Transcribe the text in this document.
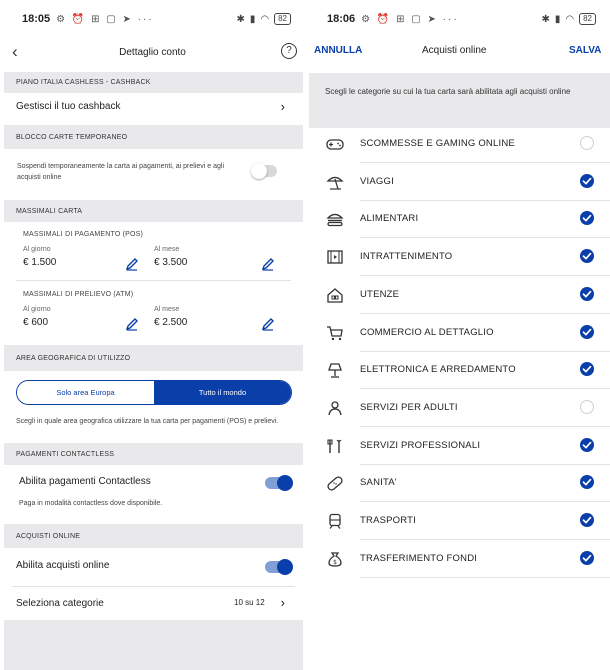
18:05 ⚙ ⏰ ⊞ ▢ ➤ ···	✱ ▮ ◠	82
‹	Dettaglio conto	?
PIANO ITALIA CASHLESS - CASHBACK
Gestisci il tuo cashback	›
BLOCCO CARTE TEMPORANEO
Sospendi temporaneamente la carta ai pagamenti, ai prelievi e agli acquisti online
MASSIMALI CARTA
MASSIMALI DI PAGAMENTO (POS)
Al giorno
€ 1.500
Al mese
€ 3.500
MASSIMALI DI PRELIEVO (ATM)
Al giorno
€ 600
Al mese
€ 2.500
AREA GEOGRAFICA DI UTILIZZO
Solo area Europa	Tutto il mondo
Scegli in quale area geografica utilizzare la tua carta per pagamenti (POS) e prelievi.
PAGAMENTI CONTACTLESS
Abilita pagamenti Contactless
Paga in modalità contactless dove disponibile.
ACQUISTI ONLINE
Abilita acquisti online
Seleziona categorie	10 su 12 ›
18:06 ⚙ ⏰ ⊞ ▢ ➤ ···	✱ ▮ ◠	82
ANNULLA	Acquisti online	SALVA
Scegli le categorie su cui la tua carta sarà abilitata agli acquisti online
SCOMMESSE E GAMING ONLINE
VIAGGI
ALIMENTARI
INTRATTENIMENTO
UTENZE
COMMERCIO AL DETTAGLIO
ELETTRONICA E ARREDAMENTO
SERVIZI PER ADULTI
SERVIZI PROFESSIONALI
SANITA'
TRASPORTI
$ TRASFERIMENTO FONDI
